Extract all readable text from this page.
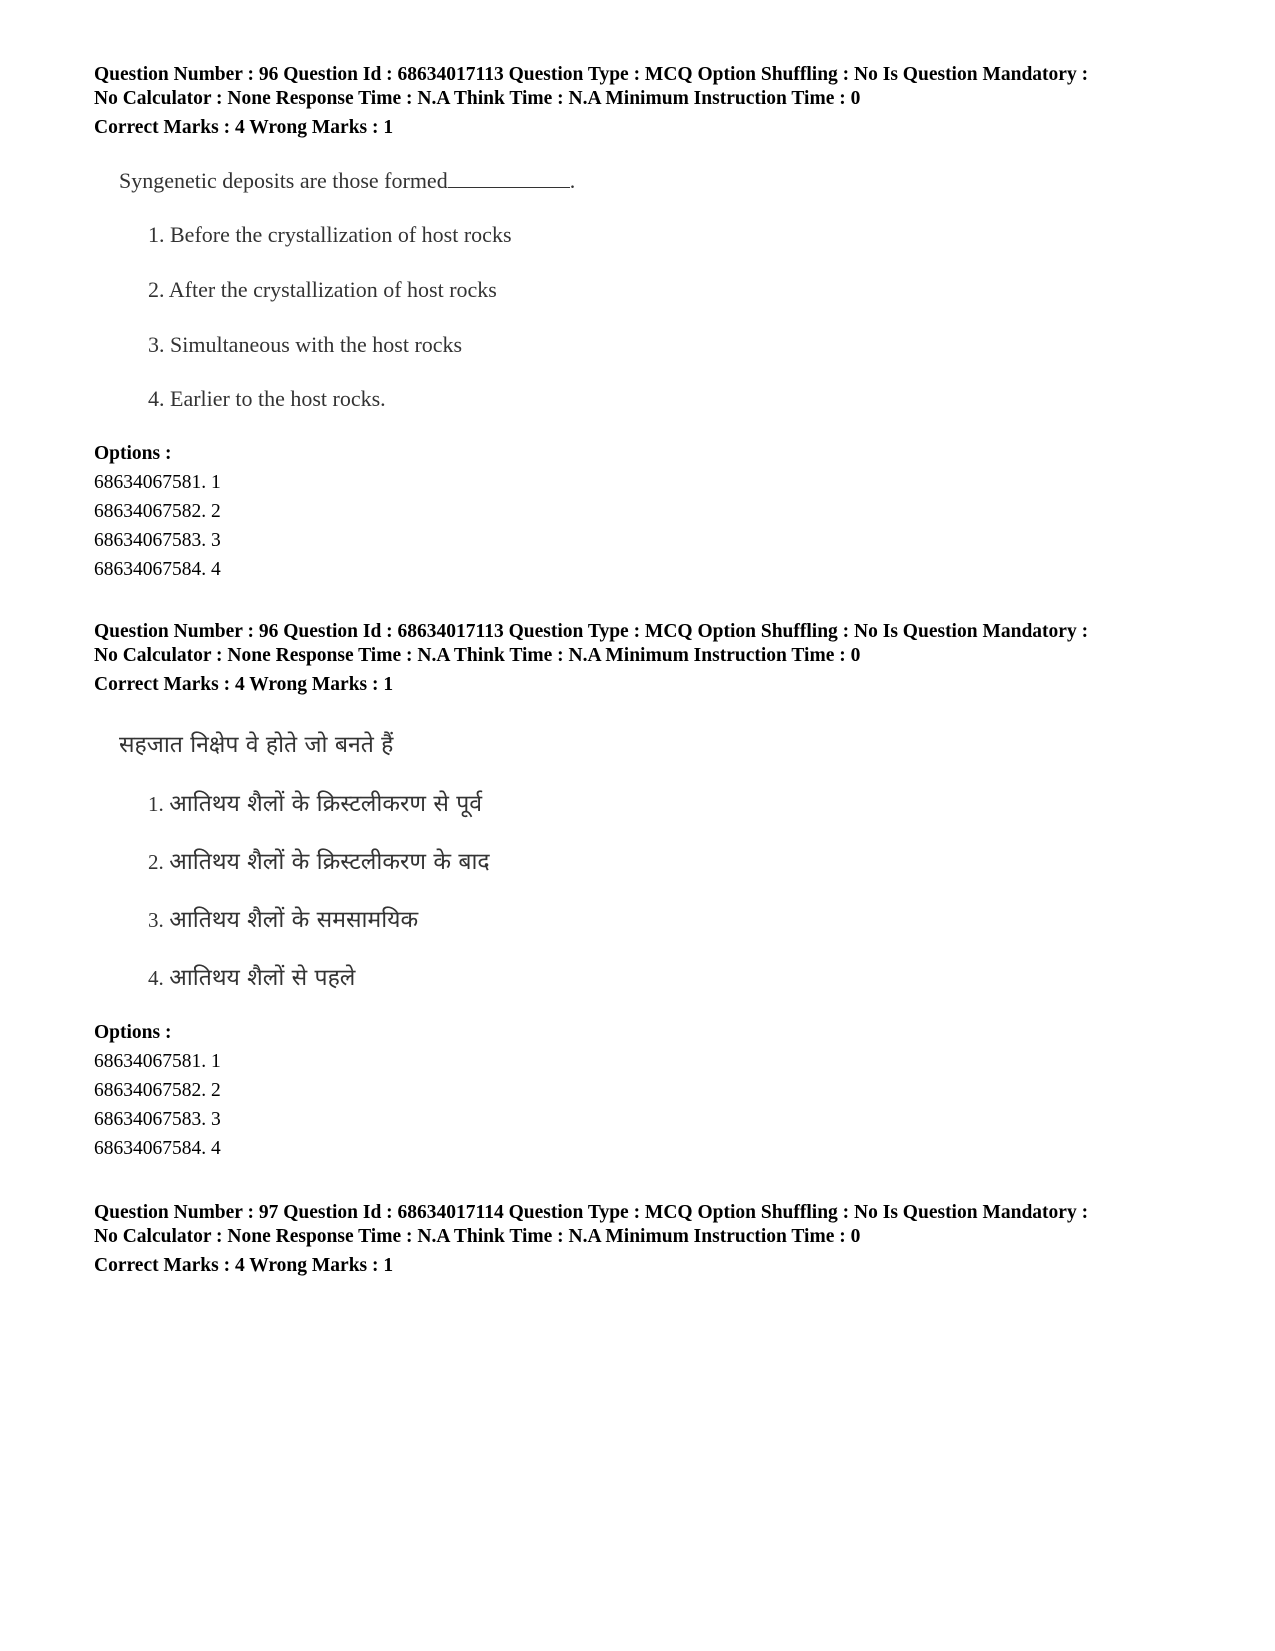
Question Number : 96 Question Id : 68634017113 Question Type : MCQ Option Shuffling : No Is Question Mandatory :
No Calculator : None Response Time : N.A Think Time : N.A Minimum Instruction Time : 0
Correct Marks : 4 Wrong Marks : 1
Syngenetic deposits are those formed	.
1. Before the crystallization of host rocks
2. After the crystallization of host rocks
3. Simultaneous with the host rocks
4. Earlier to the host rocks.
Options :
68634067581. 1
68634067582. 2
68634067583. 3
68634067584. 4
Question Number : 96 Question Id : 68634017113 Question Type : MCQ Option Shuffling : No Is Question Mandatory :
No Calculator : None Response Time : N.A Think Time : N.A Minimum Instruction Time : 0
Correct Marks : 4 Wrong Marks : 1
सहजात निक्षेप वे होते जो बनते हैं
1. आतिथय शैलों के क्रिस्टलीकरण से पूर्व
2. आतिथय शैलों के क्रिस्टलीकरण के बाद
3. आतिथय शैलों के समसामयिक
4. आतिथय शैलों से पहले
Options :
68634067581. 1
68634067582. 2
68634067583. 3
68634067584. 4
Question Number : 97 Question Id : 68634017114 Question Type : MCQ Option Shuffling : No Is Question Mandatory :
No Calculator : None Response Time : N.A Think Time : N.A Minimum Instruction Time : 0
Correct Marks : 4 Wrong Marks : 1
